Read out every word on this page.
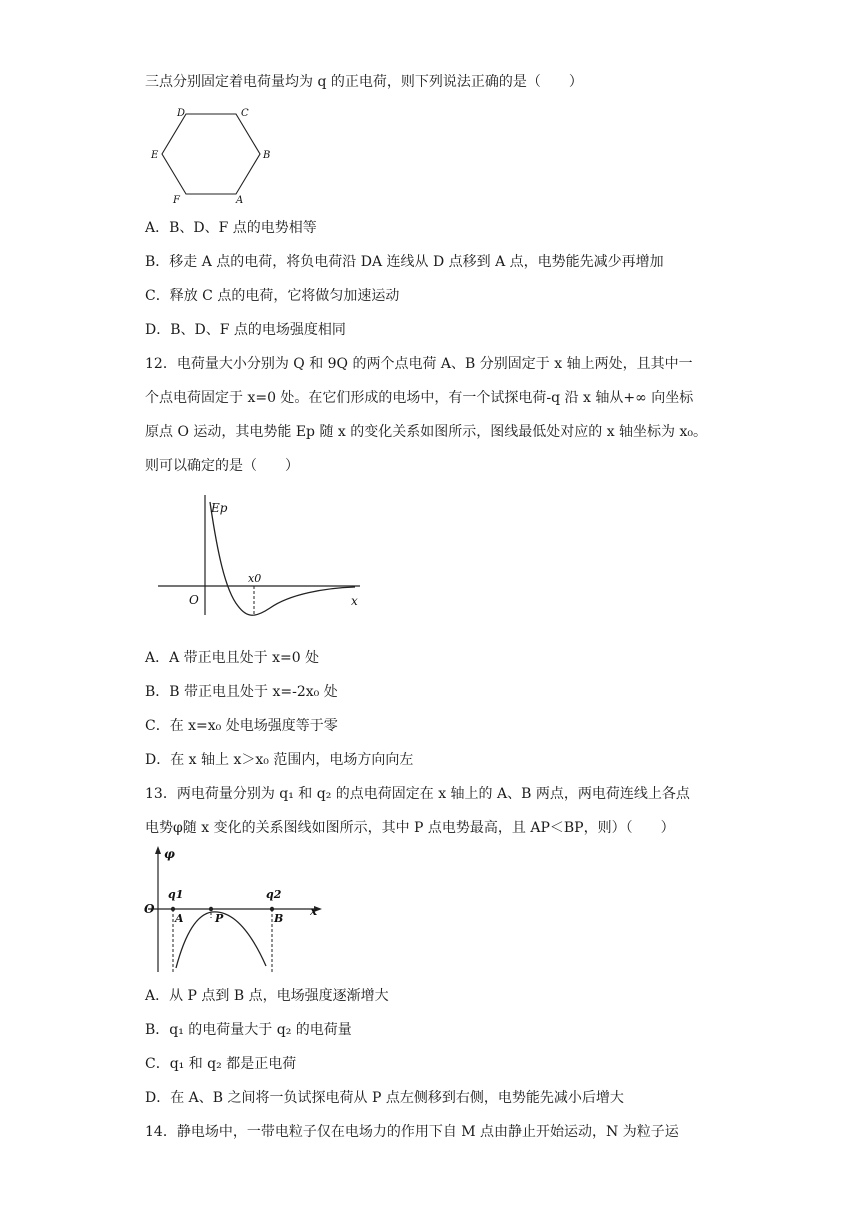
三点分别固定着电荷量均为 q 的正电荷，则下列说法正确的是（　　）
D	C
B
A
F
E
A．B、D、F 点的电势相等
B．移走 A 点的电荷，将负电荷沿 DA 连线从 D 点移到 A 点，电势能先减少再增加
C．释放 C 点的电荷，它将做匀加速运动
D．B、D、F 点的电场强度相同
12．电荷量大小分别为 Q 和 9Q 的两个点电荷 A、B 分别固定于 x 轴上两处，且其中一
个点电荷固定于 x=0 处。在它们形成的电场中，有一个试探电荷-q 沿 x 轴从+∞ 向坐标
原点 O 运动，其电势能 Ep 随 x 的变化关系如图所示，图线最低处对应的 x 轴坐标为 x₀。
则可以确定的是（　　）
Ep
O
x0
x
A．A 带正电且处于 x=0 处
B．B 带正电且处于 x=-2x₀ 处
C．在 x=x₀ 处电场强度等于零
D．在 x 轴上 x＞x₀ 范围内，电场方向向左
13．两电荷量分别为 q₁ 和 q₂ 的点电荷固定在 x 轴上的 A、B 两点，两电荷连线上各点
电势φ随 x 变化的关系图线如图所示，其中 P 点电势最高，且 AP＜BP，则）（　　）
φ
O
q1	q2
A	P	B
x
A．从 P 点到 B 点，电场强度逐渐增大
B．q₁ 的电荷量大于 q₂ 的电荷量
C．q₁ 和 q₂ 都是正电荷
D．在 A、B 之间将一负试探电荷从 P 点左侧移到右侧，电势能先减小后增大
14．静电场中，一带电粒子仅在电场力的作用下自 M 点由静止开始运动，N 为粒子运
